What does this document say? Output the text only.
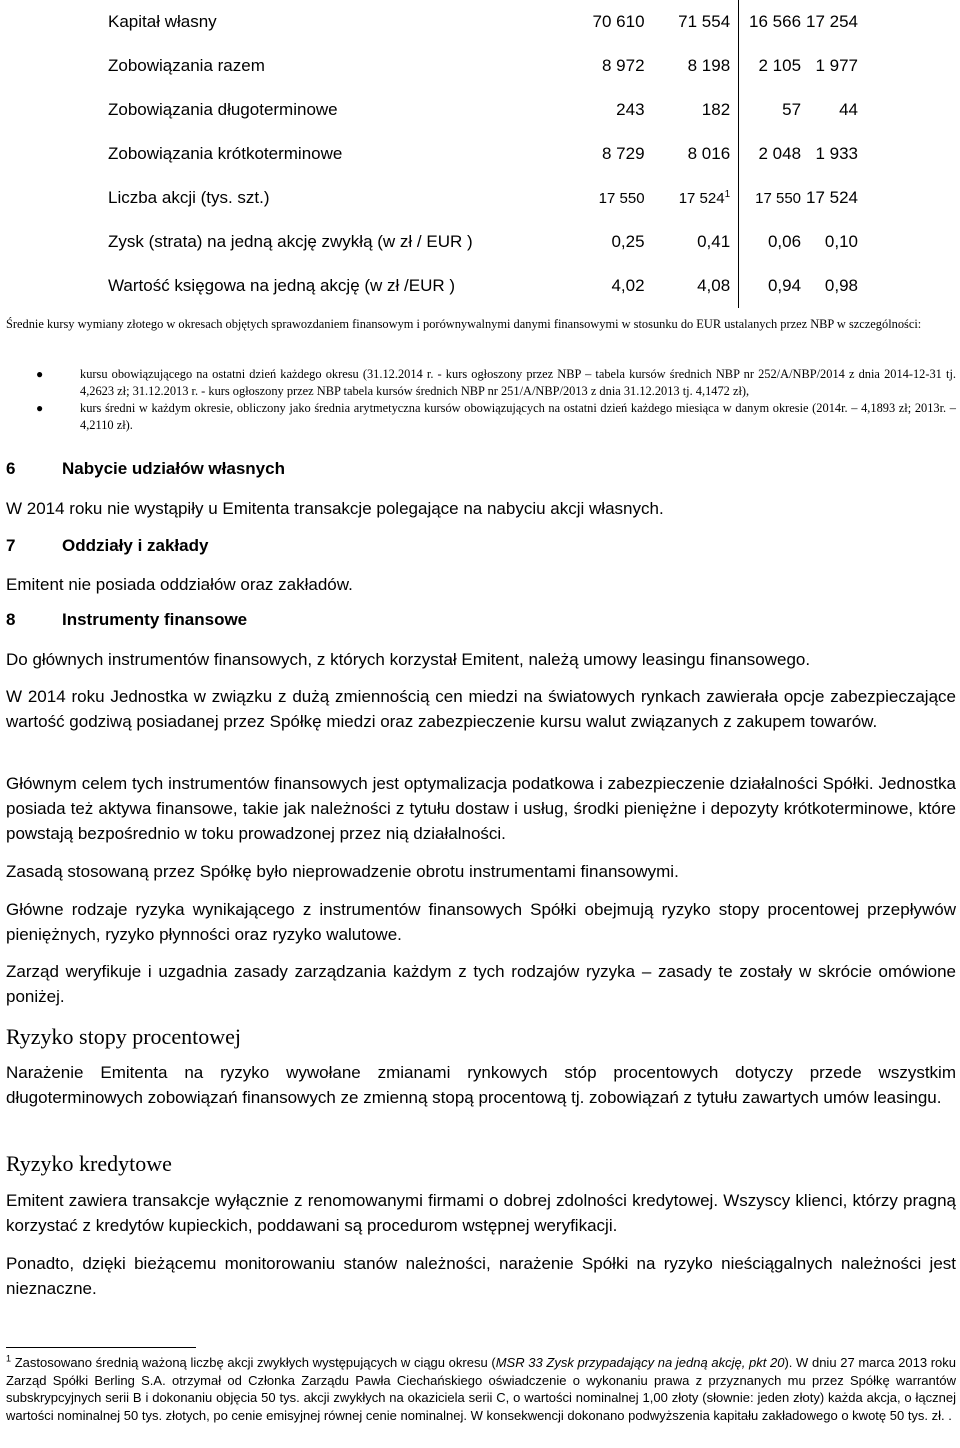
Kapitał własny	70 610	71 554	16 566	17 254
Zobowiązania razem	8 972	8 198	2 105	1 977
Zobowiązania długoterminowe	243	182	57	44
Zobowiązania krótkoterminowe	8 729	8 016	2 048	1 933
Liczba akcji (tys. szt.)	17 550	17 $524^1$	17 550	17 524
Zysk (strata) na jedną akcję zwykłą (w zł / EUR )	0,25	0,41	0,06	0,10
Wartość księgowa na jedną akcję (w zł /EUR )	4,02	4,08	0,94	0,98

Średnie kursy wymiany złotego w okresach objętych sprawozdaniem finansowym i porównywalnymi danymi finansowymi w stosunku do EUR ustalanych przez NBP w szczególności:

●	kursu obowiązującego na ostatni dzień każdego okresu (31.12.2014 r. - kurs ogłoszony przez NBP – tabela kursów średnich NBP nr 252/A/NBP/2014 z dnia 2014-12-31 tj. 4,2623 zł; 31.12.2013 r. - kurs ogłoszony przez NBP tabela kursów średnich NBP nr 251/A/NBP/2013 z dnia 31.12.2013 tj. 4,1472 zł),
●	kurs średni w każdym okresie, obliczony jako średnia arytmetyczna kursów obowiązujących na ostatni dzień każdego miesiąca w danym okresie (2014r. – 4,1893 zł; 2013r. – 4,2110 zł).
6	Nabycie udziałów własnych

W 2014 roku nie wystąpiły u Emitenta transakcje polegające na nabyciu akcji własnych.

7	Oddziały i zakłady

Emitent nie posiada oddziałów oraz zakładów.

8	Instrumenty finansowe

Do głównych instrumentów finansowych, z których korzystał Emitent, należą umowy leasingu finansowego.

W 2014 roku Jednostka w związku z dużą zmiennością cen miedzi na światowych rynkach zawierała opcje zabezpieczające wartość godziwą posiadanej przez Spółkę miedzi oraz zabezpieczenie kursu walut związanych z zakupem towarów.

Głównym celem tych instrumentów finansowych jest optymalizacja podatkowa i zabezpieczenie działalności Spółki. Jednostka posiada też aktywa finansowe, takie jak należności z tytułu dostaw i usług, środki pieniężne i depozyty krótkoterminowe, które powstają bezpośrednio w toku prowadzonej przez nią działalności.

Zasadą stosowaną przez Spółkę było nieprowadzenie obrotu instrumentami finansowymi.

Główne rodzaje ryzyka wynikającego z instrumentów finansowych Spółki obejmują ryzyko stopy procentowej przepływów pieniężnych, ryzyko płynności oraz ryzyko walutowe.

Zarząd weryfikuje i uzgadnia zasady zarządzania każdym z tych rodzajów ryzyka – zasady te zostały w skrócie omówione poniżej.

Ryzyko stopy procentowej

Narażenie Emitenta na ryzyko wywołane zmianami rynkowych stóp procentowych dotyczy przede wszystkim długoterminowych zobowiązań finansowych ze zmienną stopą procentową tj. zobowiązań z tytułu zawartych umów leasingu.

Ryzyko kredytowe

Emitent zawiera transakcje wyłącznie z renomowanymi firmami o dobrej zdolności kredytowej. Wszyscy klienci, którzy pragną korzystać z kredytów kupieckich, poddawani są procedurom wstępnej weryfikacji.

Ponadto, dzięki bieżącemu monitorowaniu stanów należności, narażenie Spółki na ryzyko nieściągalnych należności jest nieznaczne.

$^1$ Zastosowano średnią ważoną liczbę akcji zwykłych występujących w ciągu okresu (MSR 33 Zysk przypadający na jedną akcję, pkt 20). W dniu 27 marca 2013 roku Zarząd Spółki Berling S.A. otrzymał od Członka Zarządu Pawła Ciechańskiego oświadczenie o wykonaniu prawa z przyznanych mu przez Spółkę warrantów subskrypcyjnych serii B i dokonaniu objęcia 50 tys. akcji zwykłych na okaziciela serii C, o wartości nominalnej 1,00 złoty (słownie: jeden złoty) każda akcja, o łącznej wartości nominalnej 50 tys. złotych, po cenie emisyjnej równej cenie nominalnej. W konsekwencji dokonano podwyższenia kapitału zakładowego o kwotę 50 tys. zł. .
